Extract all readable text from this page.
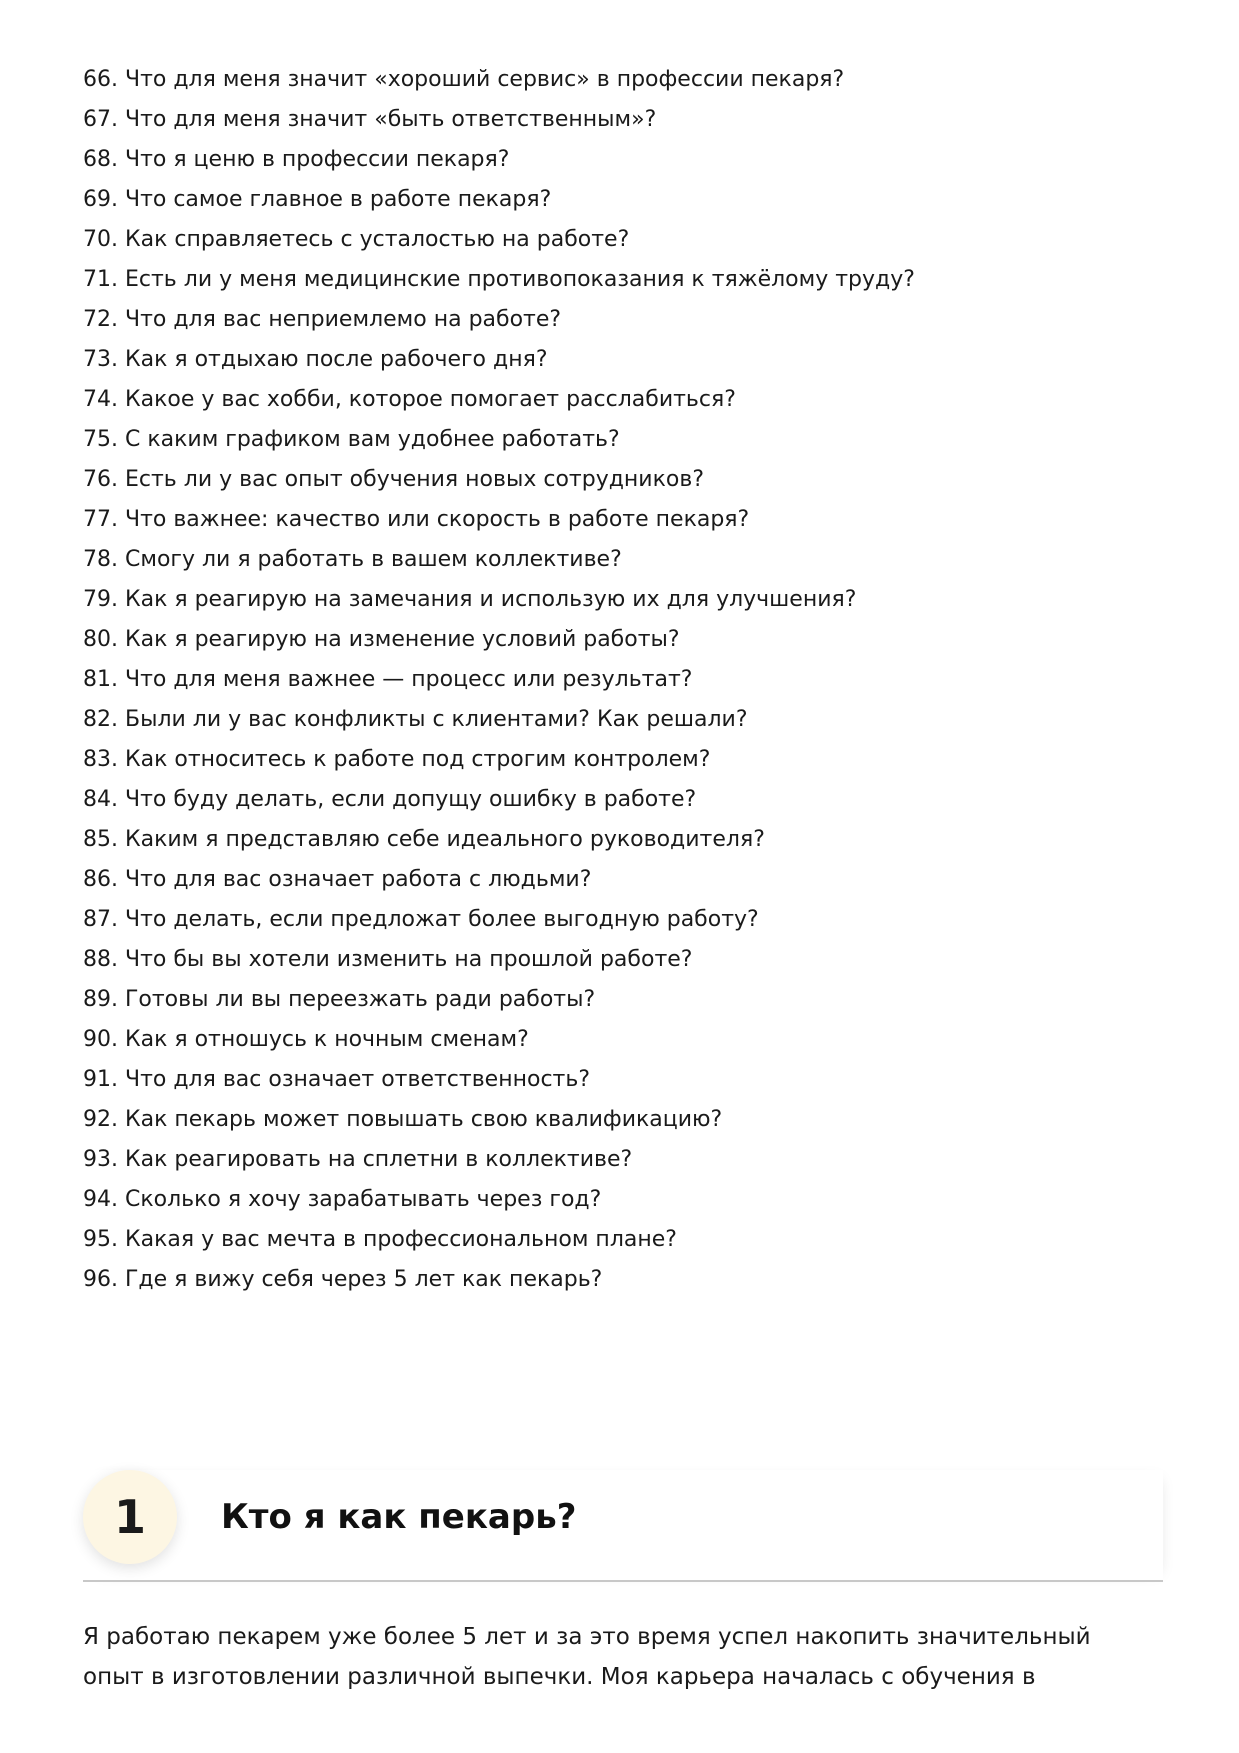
66. Что для меня значит «хороший сервис» в профессии пекаря?
67. Что для меня значит «быть ответственным»?
68. Что я ценю в профессии пекаря?
69. Что самое главное в работе пекаря?
70. Как справляетесь с усталостью на работе?
71. Есть ли у меня медицинские противопоказания к тяжёлому труду?
72. Что для вас неприемлемо на работе?
73. Как я отдыхаю после рабочего дня?
74. Какое у вас хобби, которое помогает расслабиться?
75. С каким графиком вам удобнее работать?
76. Есть ли у вас опыт обучения новых сотрудников?
77. Что важнее: качество или скорость в работе пекаря?
78. Смогу ли я работать в вашем коллективе?
79. Как я реагирую на замечания и использую их для улучшения?
80. Как я реагирую на изменение условий работы?
81. Что для меня важнее — процесс или результат?
82. Были ли у вас конфликты с клиентами? Как решали?
83. Как относитесь к работе под строгим контролем?
84. Что буду делать, если допущу ошибку в работе?
85. Каким я представляю себе идеального руководителя?
86. Что для вас означает работа с людьми?
87. Что делать, если предложат более выгодную работу?
88. Что бы вы хотели изменить на прошлой работе?
89. Готовы ли вы переезжать ради работы?
90. Как я отношусь к ночным сменам?
91. Что для вас означает ответственность?
92. Как пекарь может повышать свою квалификацию?
93. Как реагировать на сплетни в коллективе?
94. Сколько я хочу зарабатывать через год?
95. Какая у вас мечта в профессиональном плане?
96. Где я вижу себя через 5 лет как пекарь?
1	Кто я как пекарь?

Я работаю пекарем уже более 5 лет и за это время успел накопить значительный опыт в изготовлении различной выпечки. Моя карьера началась с обучения в
